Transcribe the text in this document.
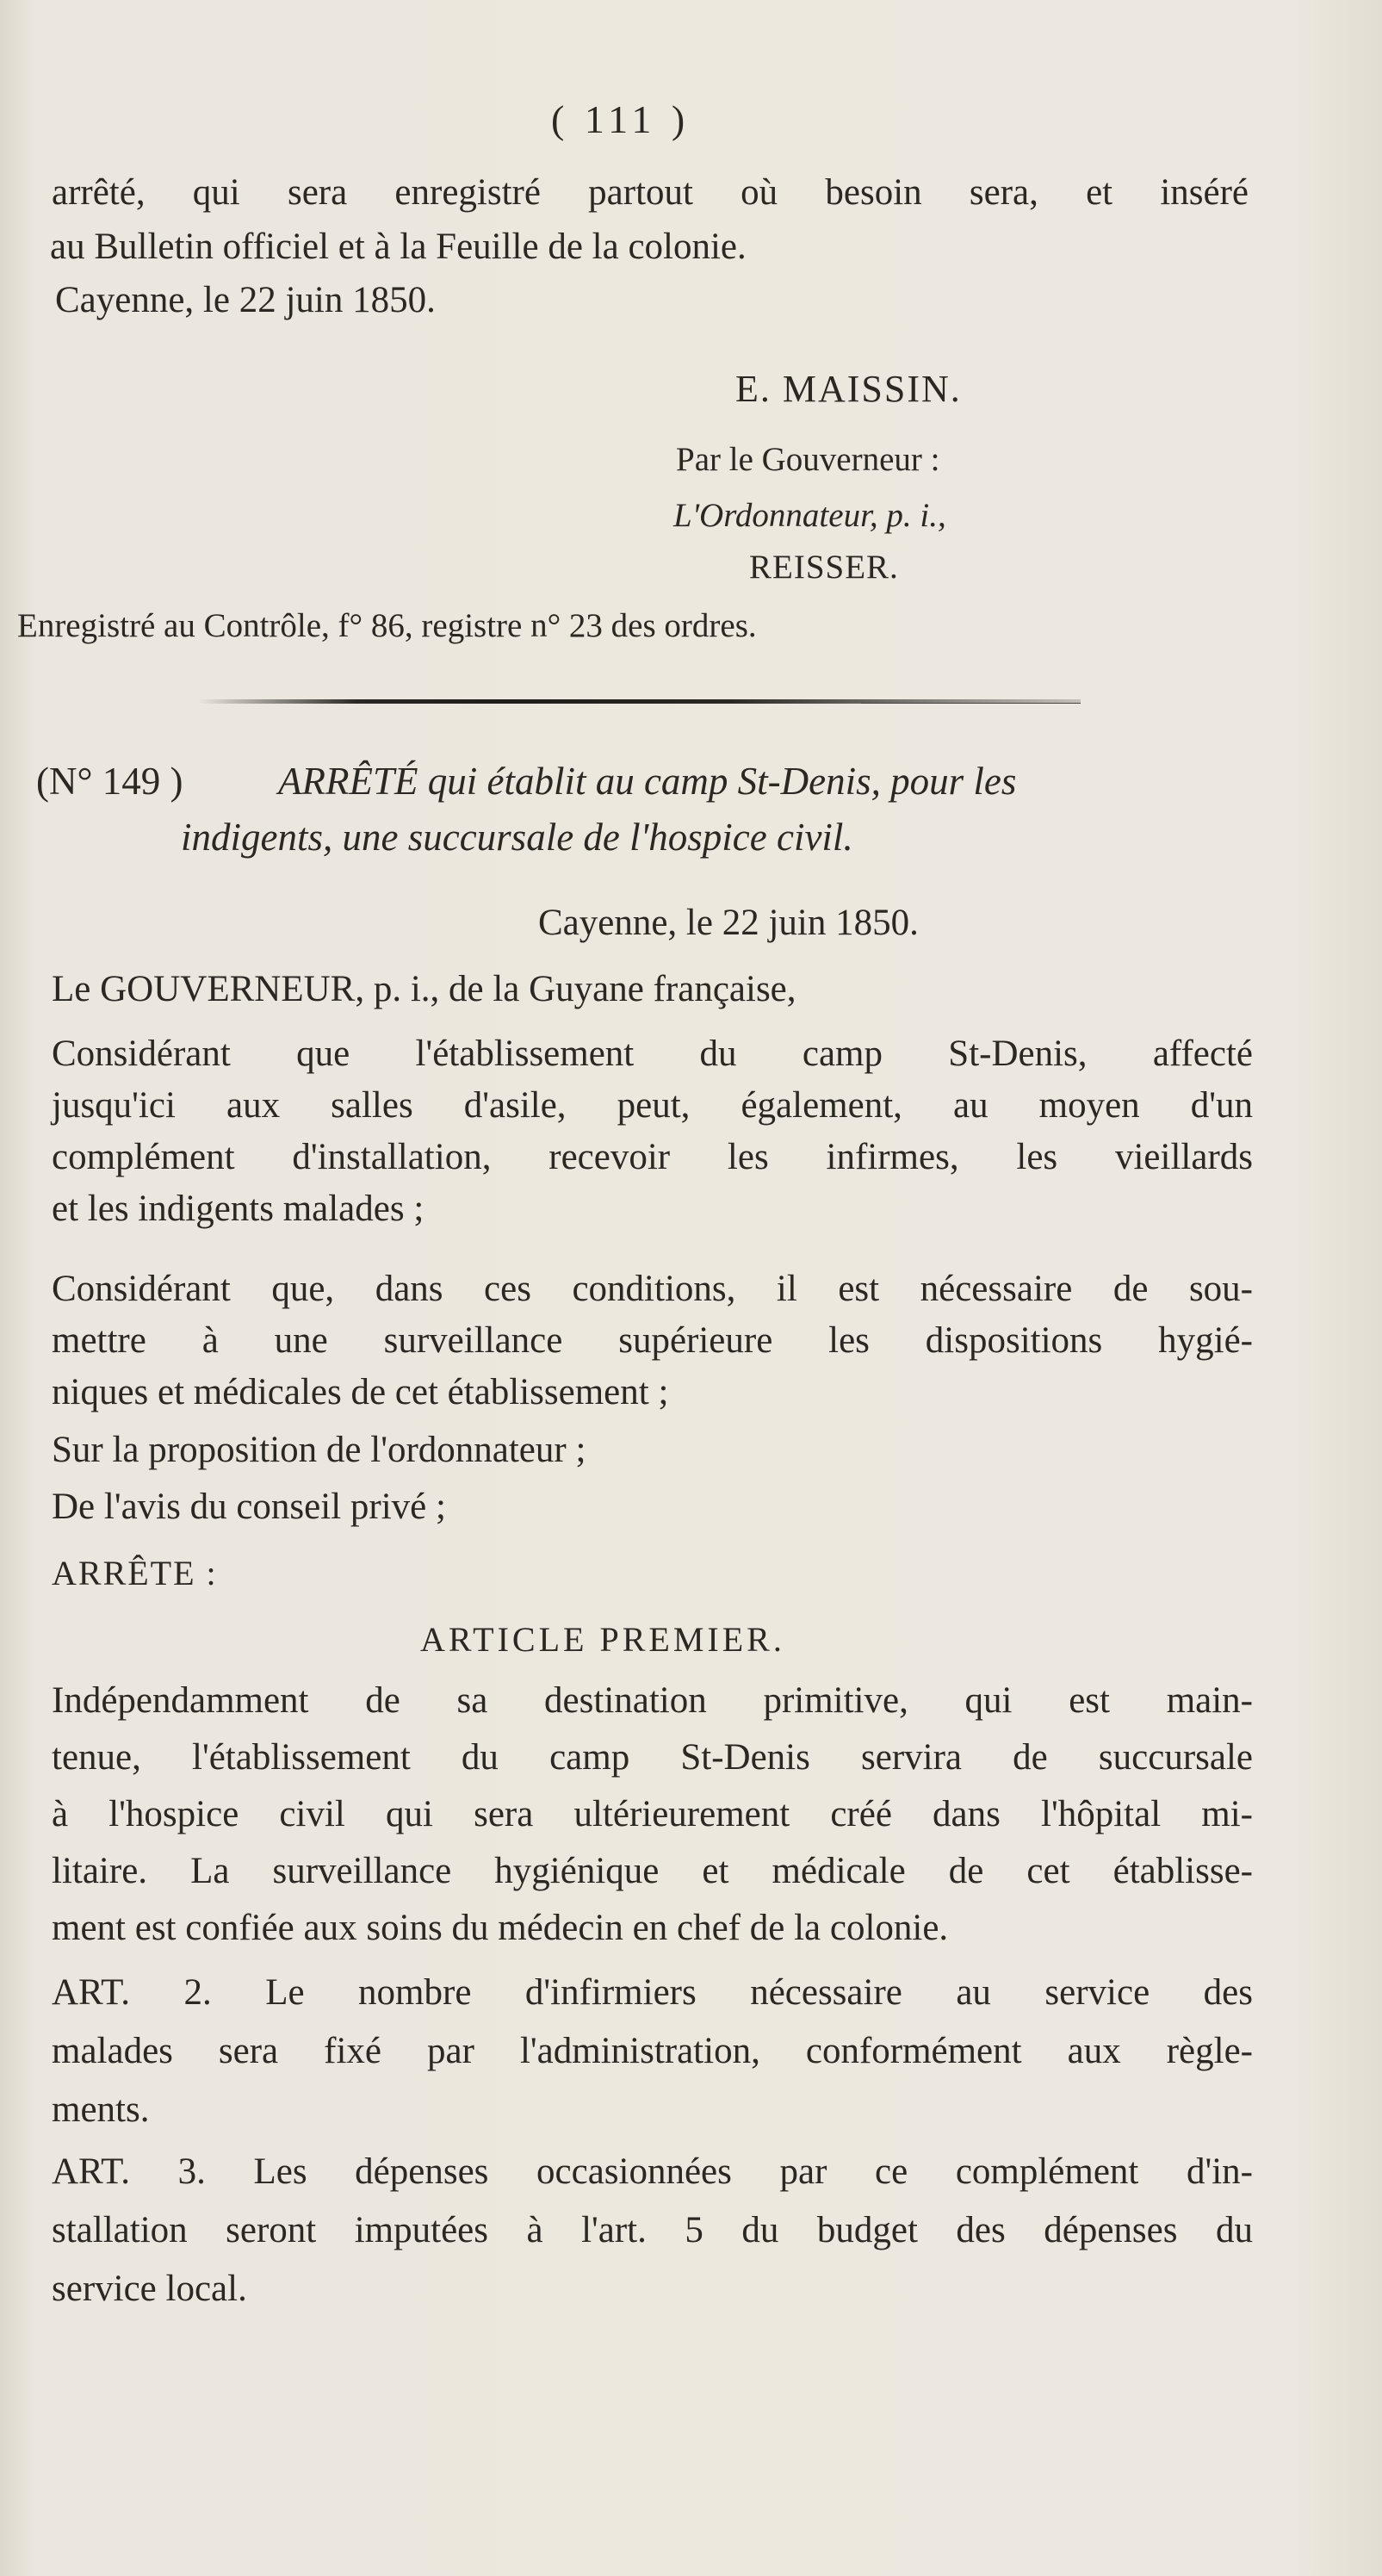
( 111 )
arrêté, qui sera enregistré partout où besoin sera, et inséré
au Bulletin officiel et à la Feuille de la colonie.
Cayenne, le 22 juin 1850.
E. MAISSIN.
Par le Gouverneur :
L'Ordonnateur, p. i.,
REISSER.
Enregistré au Contrôle, f° 86, registre n° 23 des ordres.
(N° 149 ) ARRÊTÉ qui établit au camp St-Denis, pour les
indigents, une succursale de l'hospice civil.
Cayenne, le 22 juin 1850.
Le GOUVERNEUR, p. i., de la Guyane française,
Considérant que l'établissement du camp St-Denis, affecté
jusqu'ici aux salles d'asile, peut, également, au moyen d'un
complément d'installation, recevoir les infirmes, les vieillards
et les indigents malades ;
Considérant que, dans ces conditions, il est nécessaire de sou-
mettre à une surveillance supérieure les dispositions hygié-
niques et médicales de cet établissement ;
Sur la proposition de l'ordonnateur ;
De l'avis du conseil privé ;
ARRÊTE :
ARTICLE PREMIER.
Indépendamment de sa destination primitive, qui est main-
tenue, l'établissement du camp St-Denis servira de succursale
à l'hospice civil qui sera ultérieurement créé dans l'hôpital mi-
litaire. La surveillance hygiénique et médicale de cet établisse-
ment est confiée aux soins du médecin en chef de la colonie.
ART. 2. Le nombre d'infirmiers nécessaire au service des
malades sera fixé par l'administration, conformément aux règle-
ments.
ART. 3. Les dépenses occasionnées par ce complément d'in-
stallation seront imputées à l'art. 5 du budget des dépenses du
service local.
